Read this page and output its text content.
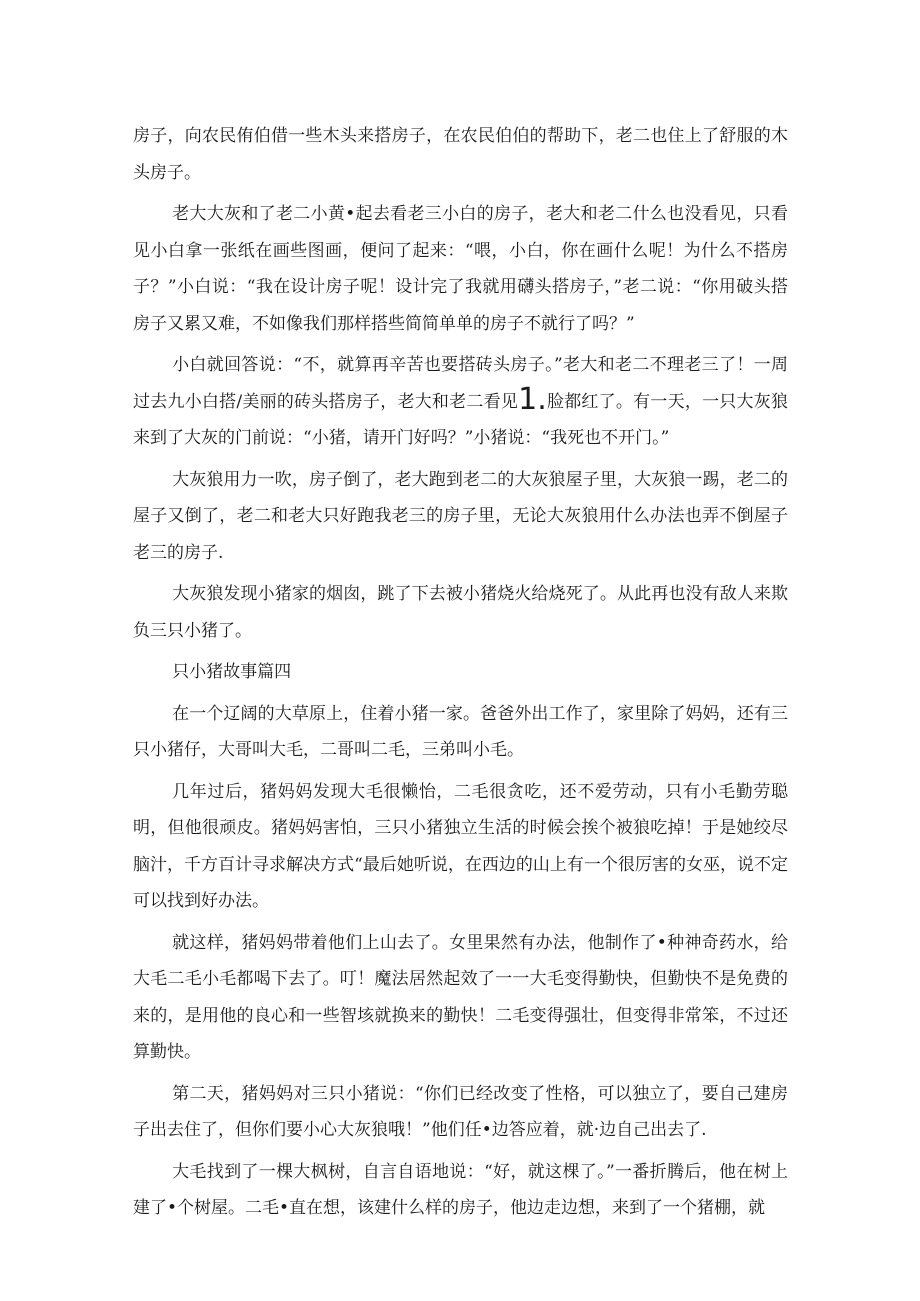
房子，向农民侑伯借一些木头来搭房子，在农民伯伯的帮助下，老二也住上了舒服的木头房子。

老大大灰和了老二小黄•起去看老三小白的房子，老大和老二什么也没看见，只看见小白拿一张纸在画些图画，便问了起来：“喂，小白，你在画什么呢！为什么不搭房子？”小白说：“我在设计房子呢！设计完了我就用礴头搭房子，”老二说：“你用破头搭房子又累又难，不如像我们那样搭些简简单单的房子不就行了吗？”

小白就回答说：“不，就算再辛苦也要搭砖头房子。”老大和老二不理老三了！一周过去九小白搭/美丽的砖头搭房子，老大和老二看见1.脸都红了。有一天，一只大灰狼来到了大灰的门前说：“小猪，请开门好吗？”小猪说：“我死也不开门。”

大灰狼用力一吹，房子倒了，老大跑到老二的大灰狼屋子里，大灰狼一踢，老二的屋子又倒了，老二和老大只好跑我老三的房子里，无论大灰狼用什么办法也弄不倒屋子老三的房子.

大灰狼发现小猪家的烟囱，跳了下去被小猪烧火给烧死了。从此再也没有敌人来欺负三只小猪了。

只小猪故事篇四

在一个辽阔的大草原上，住着小猪一家。爸爸外出工作了，家里除了妈妈，还有三只小猪仔，大哥叫大毛，二哥叫二毛，三弟叫小毛。

几年过后，猪妈妈发现大毛很懒怡，二毛很贪吃，还不爱劳动，只有小毛勤劳聪明，但他很顽皮。猪妈妈害怕，三只小猪独立生活的时候会挨个被狼吃掉！于是她绞尽脑汁，千方百计寻求解决方式“最后她听说，在西边的山上有一个很厉害的女巫，说不定可以找到好办法。

就这样，猪妈妈带着他们上山去了。女里果然有办法，他制作了•种神奇药水，给大毛二毛小毛都喝下去了。叮！魔法居然起效了一一大毛变得勤快，但勤快不是免费的来的，是用他的良心和一些智垓就换来的勤快！二毛变得强壮，但变得非常笨，不过还算勤快。

第二天，猪妈妈对三只小猪说：“你们已经改变了性格，可以独立了，要自己建房子出去住了，但你们要小心大灰狼哦！”他们任•边答应着，就·边自己出去了.

大毛找到了一棵大枫树，自言自语地说：“好，就这棵了。”一番折腾后，他在树上建了•个树屋。二毛•直在想，该建什么样的房子，他边走边想，来到了一个猪棚，就
